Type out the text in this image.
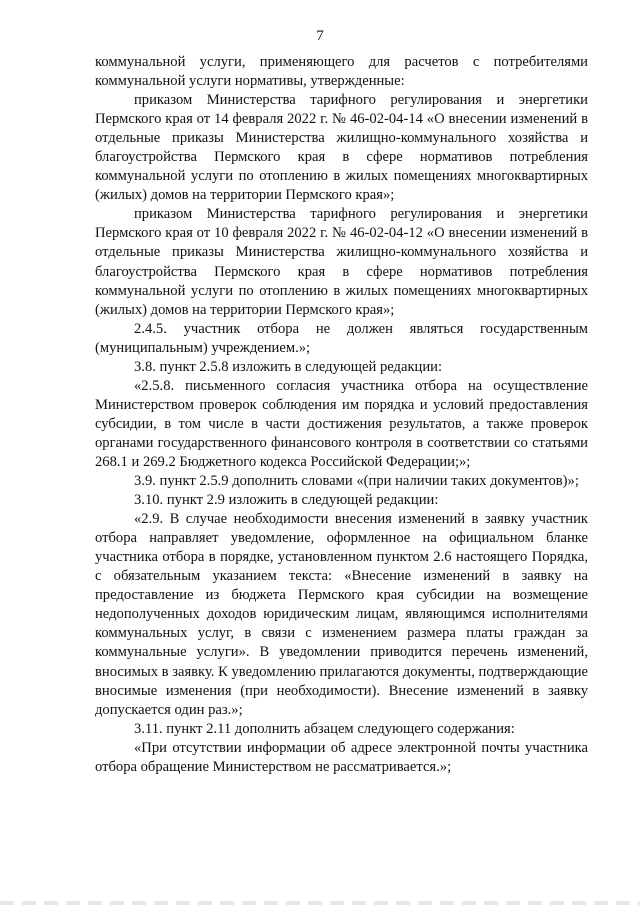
7

коммунальной услуги, применяющего для расчетов с потребителями коммунальной услуги нормативы, утвержденные:

приказом Министерства тарифного регулирования и энергетики Пермского края от 14 февраля 2022 г. № 46-02-04-14 «О внесении изменений в отдельные приказы Министерства жилищно-коммунального хозяйства и благоустройства Пермского края в сфере нормативов потребления коммунальной услуги по отоплению в жилых помещениях многоквартирных (жилых) домов на территории Пермского края»;

приказом Министерства тарифного регулирования и энергетики Пермского края от 10 февраля 2022 г. № 46-02-04-12 «О внесении изменений в отдельные приказы Министерства жилищно-коммунального хозяйства и благоустройства Пермского края в сфере нормативов потребления коммунальной услуги по отоплению в жилых помещениях многоквартирных (жилых) домов на территории Пермского края»;

2.4.5. участник отбора не должен являться государственным (муниципальным) учреждением.»;

3.8. пункт 2.5.8 изложить в следующей редакции:

«2.5.8. письменного согласия участника отбора на осуществление Министерством проверок соблюдения им порядка и условий предоставления субсидии, в том числе в части достижения результатов, а также проверок органами государственного финансового контроля в соответствии со статьями 268.1 и 269.2 Бюджетного кодекса Российской Федерации;»;

3.9. пункт 2.5.9 дополнить словами «(при наличии таких документов)»;

3.10. пункт 2.9 изложить в следующей редакции:

«2.9. В случае необходимости внесения изменений в заявку участник отбора направляет уведомление, оформленное на официальном бланке участника отбора в порядке, установленном пунктом 2.6 настоящего Порядка, с обязательным указанием текста: «Внесение изменений в заявку на предоставление из бюджета Пермского края субсидии на возмещение недополученных доходов юридическим лицам, являющимся исполнителями коммунальных услуг, в связи с изменением размера платы граждан за коммунальные услуги». В уведомлении приводится перечень изменений, вносимых в заявку. К уведомлению прилагаются документы, подтверждающие вносимые изменения (при необходимости). Внесение изменений в заявку допускается один раз.»;

3.11. пункт 2.11 дополнить абзацем следующего содержания:

«При отсутствии информации об адресе электронной почты участника отбора обращение Министерством не рассматривается.»;
